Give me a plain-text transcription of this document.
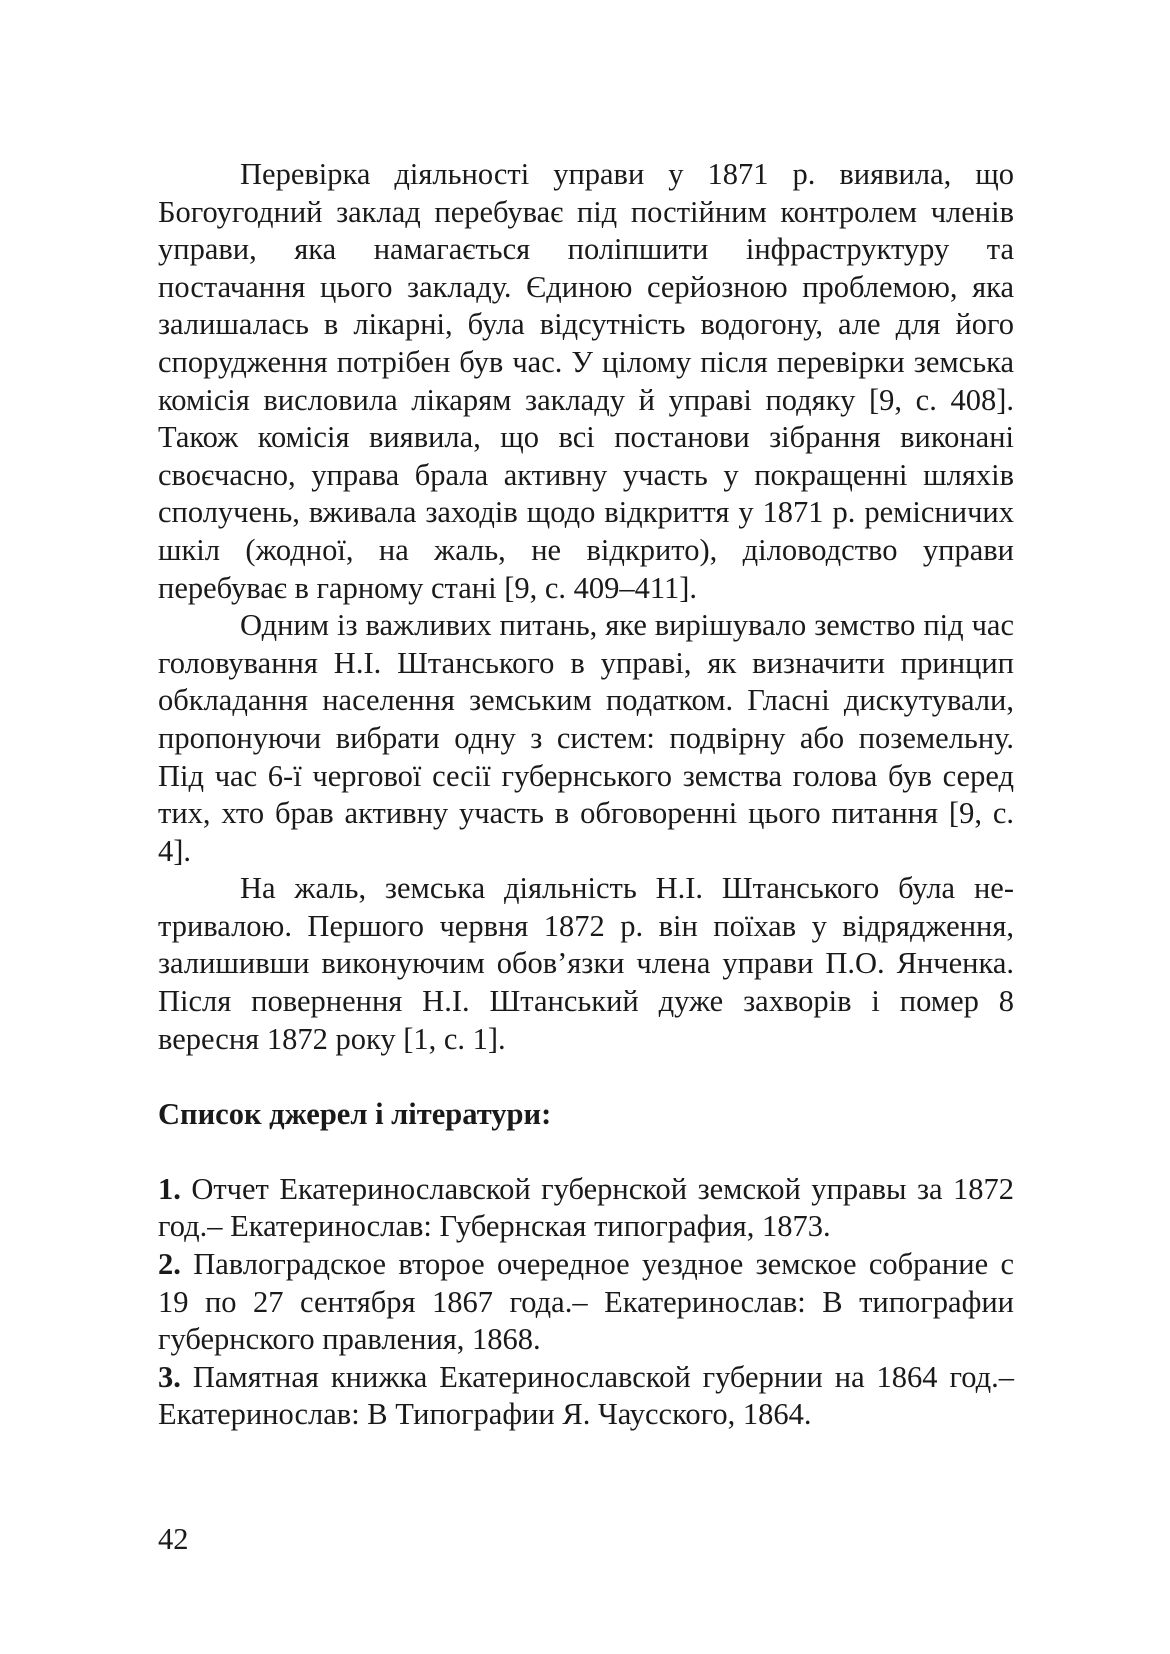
Перевірка діяльності управи у 1871 р. виявила, що Богоугодний заклад перебуває під постійним контролем членів управи, яка намагається поліпшити інфраструктуру та постачання цього закладу. Єдиною серйозною проблемою, яка залишалась в лікарні, була відсутність водогону, але для його спорудження потрібен був час. У цілому після перевірки земська комісія висловила лікарям закладу й управі подяку [9, с. 408]. Також комісія виявила, що всі постанови зібрання виконані своєчасно, управа брала активну участь у покращенні шляхів сполучень, вживала заходів щодо відкриття у 1871 р. ремісничих шкіл (жодної, на жаль, не відкрито), діловодство управи перебуває в гарному стані [9, с. 409–411].

Одним із важливих питань, яке вирішувало земство під час головування Н.І. Штанського в управі, як визначити принцип обкладання населення земським податком. Гласні дискутували, пропонуючи вибрати одну з систем: подвірну або поземельну. Під час 6-ї чергової сесії губернського земства голова був серед тих, хто брав активну участь в обговоренні цього питання [9, с. 4].

На жаль, земська діяльність Н.І. Штанського була нетривалою. Першого червня 1872 р. він поїхав у відрядження, залишивши виконуючим обов’язки члена управи П.О. Янченка. Після повернення Н.І. Штанський дуже захворів і помер 8 вересня 1872 року [1, с. 1].

Список джерел і літератури:

1. Отчет Екатеринославской губернской земской управы за 1872 год.– Екатеринослав: Губернская типография, 1873.

2. Павлоградское второе очередное уездное земское собрание с 19 по 27 сентября 1867 года.– Екатеринослав: В типографии губернского правления, 1868.

3. Памятная книжка Екатеринославской губернии на 1864 год.– Екатеринослав: В Типографии Я. Чаусского, 1864.

42
